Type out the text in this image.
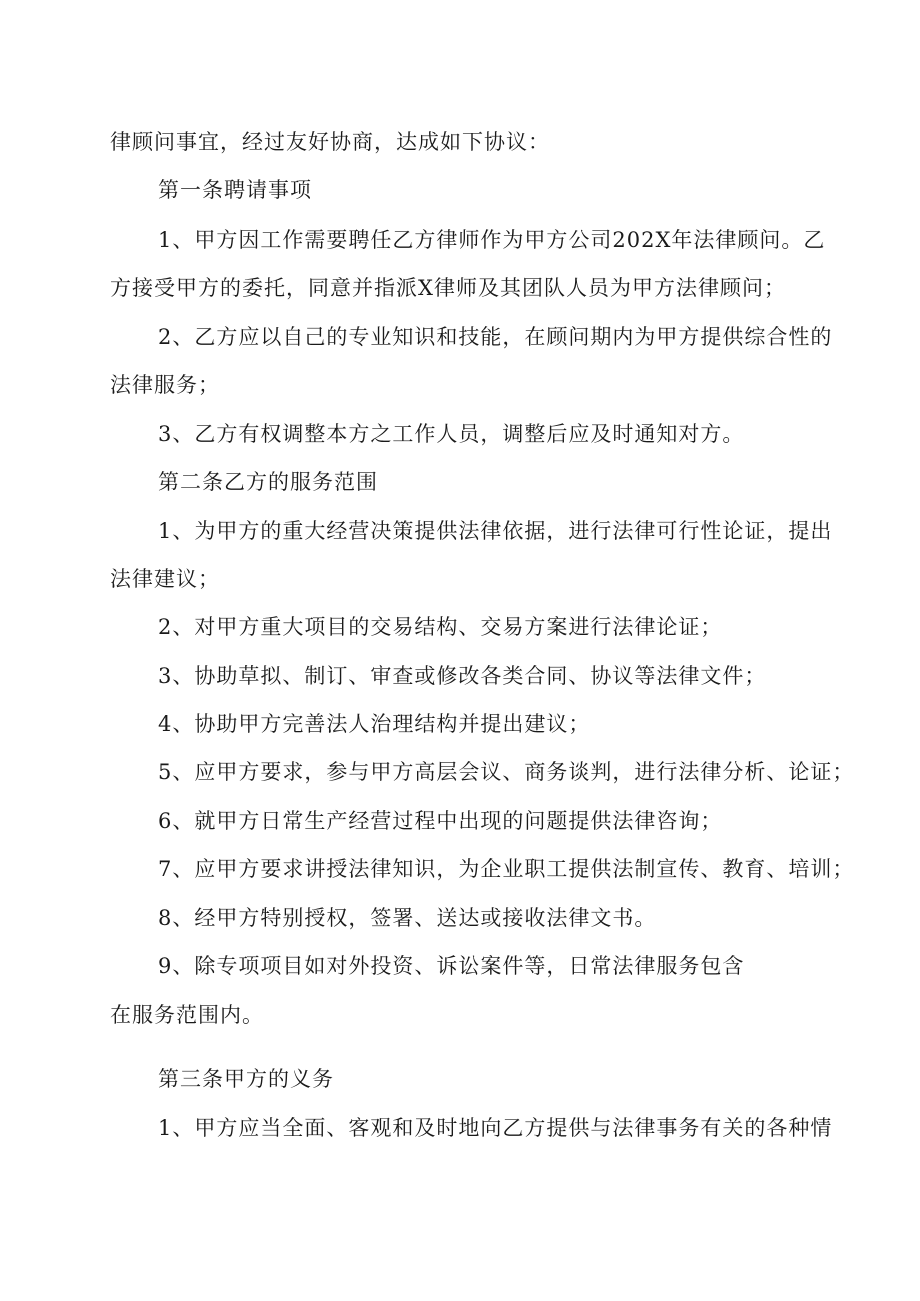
律顾问事宜，经过友好协商，达成如下协议：
第一条聘请事项
1、甲方因工作需要聘任乙方律师作为甲方公司202X年法律顾问。乙
方接受甲方的委托，同意并指派X律师及其团队人员为甲方法律顾问；
2、乙方应以自己的专业知识和技能，在顾问期内为甲方提供综合性的
法律服务；
3、乙方有权调整本方之工作人员，调整后应及时通知对方。
第二条乙方的服务范围
1、为甲方的重大经营决策提供法律依据，进行法律可行性论证，提出
法律建议；
2、对甲方重大项目的交易结构、交易方案进行法律论证；
3、协助草拟、制订、审查或修改各类合同、协议等法律文件；
4、协助甲方完善法人治理结构并提出建议；
5、应甲方要求，参与甲方高层会议、商务谈判，进行法律分析、论证；
6、就甲方日常生产经营过程中出现的问题提供法律咨询；
7、应甲方要求讲授法律知识，为企业职工提供法制宣传、教育、培训；
8、经甲方特别授权，签署、送达或接收法律文书。
9、除专项项目如对外投资、诉讼案件等，日常法律服务包含
在服务范围内。
第三条甲方的义务
1、甲方应当全面、客观和及时地向乙方提供与法律事务有关的各种情
